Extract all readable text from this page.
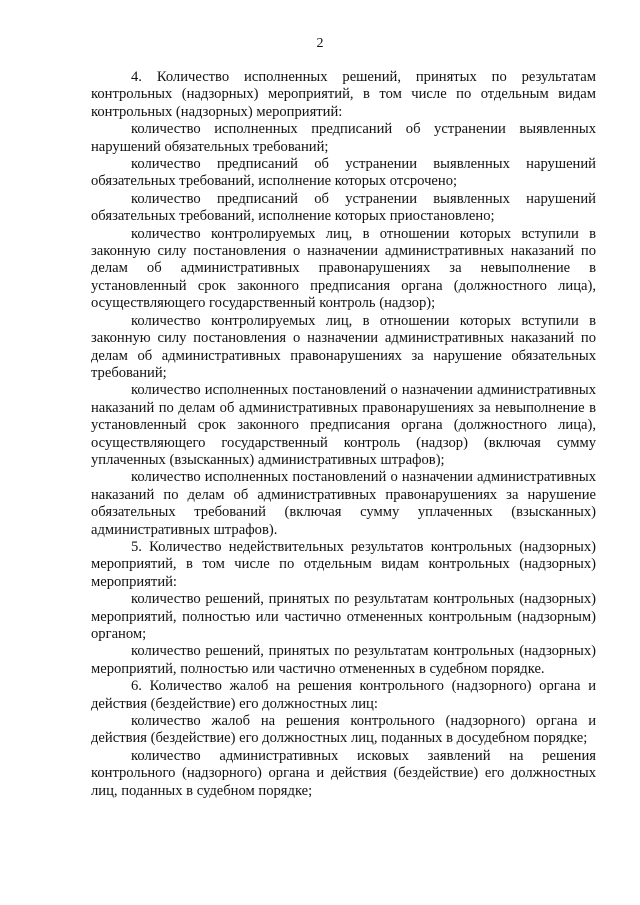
2

4. Количество исполненных решений, принятых по результатам контрольных (надзорных) мероприятий, в том числе по отдельным видам контрольных (надзорных) мероприятий:

количество исполненных предписаний об устранении выявленных нарушений обязательных требований;

количество предписаний об устранении выявленных нарушений обязательных требований, исполнение которых отсрочено;

количество предписаний об устранении выявленных нарушений обязательных требований, исполнение которых приостановлено;

количество контролируемых лиц, в отношении которых вступили в законную силу постановления о назначении административных наказаний по делам об административных правонарушениях за невыполнение в установленный срок законного предписания органа (должностного лица), осуществляющего государственный контроль (надзор);

количество контролируемых лиц, в отношении которых вступили в законную силу постановления о назначении административных наказаний по делам об административных правонарушениях за нарушение обязательных требований;

количество исполненных постановлений о назначении административных наказаний по делам об административных правонарушениях за невыполнение в установленный срок законного предписания органа (должностного лица), осуществляющего государственный контроль (надзор) (включая сумму уплаченных (взысканных) административных штрафов);

количество исполненных постановлений о назначении административных наказаний по делам об административных правонарушениях за нарушение обязательных требований (включая сумму уплаченных (взысканных) административных штрафов).

5. Количество недействительных результатов контрольных (надзорных) мероприятий, в том числе по отдельным видам контрольных (надзорных) мероприятий:

количество решений, принятых по результатам контрольных (надзорных) мероприятий, полностью или частично отмененных контрольным (надзорным) органом;

количество решений, принятых по результатам контрольных (надзорных) мероприятий, полностью или частично отмененных в судебном порядке.

6. Количество жалоб на решения контрольного (надзорного) органа и действия (бездействие) его должностных лиц:

количество жалоб на решения контрольного (надзорного) органа и действия (бездействие) его должностных лиц, поданных в досудебном порядке;

количество административных исковых заявлений на решения контрольного (надзорного) органа и действия (бездействие) его должностных лиц, поданных в судебном порядке;
